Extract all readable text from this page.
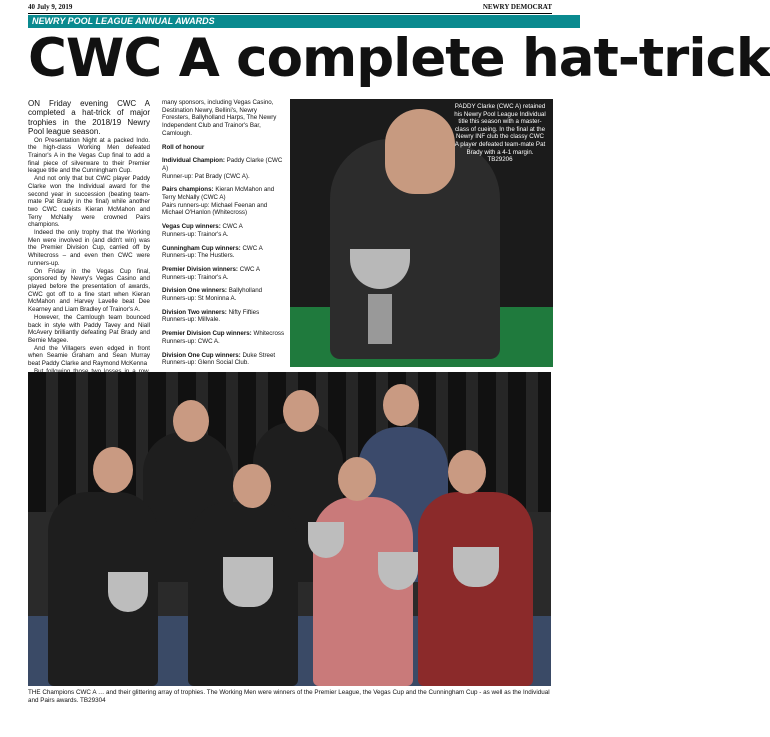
40 July 9, 2019	NEWRY DEMOCRAT
NEWRY POOL LEAGUE ANNUAL AWARDS
CWC A complete hat-trick

ON Friday evening CWC A completed a hat-trick of major trophies in the 2018/19 Newry Pool league season.

On Presentation Night at a packed Indo. the high-class Working Men defeated Trainor's A in the Vegas Cup final to add a final piece of silverware to their Premier league title and the Cunningham Cup.

And not only that but CWC player Paddy Clarke won the Individual award for the second year in succession (beating team-mate Pat Brady in the final) while another two CWC cueists Kieran McMahon and Terry McNally were crowned Pairs champions.

Indeed the only trophy that the Working Men were involved in (and didn't win) was the Premier Division Cup, carried off by Whitecross – and even then CWC were runners-up.

On Friday in the Vegas Cup final, sponsored by Newry's Vegas Casino and played before the presentation of awards, CWC got off to a fine start when Kieran McMahon and Harvey Lavelle beat Dee Kearney and Liam Bradley of Trainor's A.

However, the Camlough team bounced back in style with Paddy Tavey and Niall McAvery brilliantly defeating Pat Brady and Bernie Magee.

And the Villagers even edged in front when Seamie Graham and Sean Murray beat Paddy Clarke and Raymond McKenna

many sponsors, including Vegas Casino, Destination Newry, Bellini's, Newry Foresters, Ballyholland Harps, The Newry Independent Club and Trainor's Bar, Camlough.

Roll of honour

Individual Champion: Paddy Clarke (CWC A)
Runner-up: Pat Brady (CWC A).

Pairs champions: Kieran McMahon and Terry McNally (CWC A)
Pairs runners-up: Michael Feenan and Michael O'Hanlon (Whitecross)

Vegas Cup winners: CWC A
Runners-up: Trainor's A.

Cunningham Cup winners: CWC A
Runners-up: The Hustlers.

Premier Division winners: CWC A
Runners-up: Trainor's A.

Division One winners: Ballyholland
Runners-up: St Moninna A.

Division Two winners: Nifty Fifties
Runners-up: Millvale.

Premier Division Cup winners: Whitecross
Runners-up: CWC A.

Division One Cup winners: Duke Street
Runners-up: Glenn Social Club.

PADDY Clarke (CWC A) retained his Newry Pool League Individual title this season with a master-class of cueing. In the final at the Newry INF club the classy CWC A player defeated team-mate Pat Brady with a 4-1 margin. TB29206
THE Champions CWC A … and their glittering array of trophies. The Working Men were winners of the Premier League, the Vegas Cup and the Cunningham Cup - as well as the Individual and Pairs awards. TB29304
